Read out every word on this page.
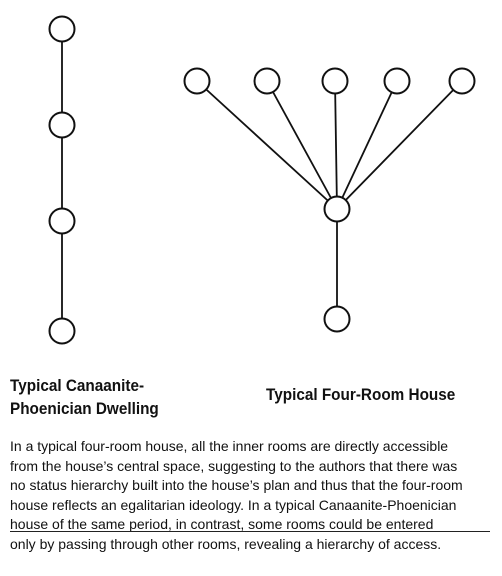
Typical Canaanite-
Phoenician Dwelling
Typical Four-Room House
In a typical four-room house, all the inner rooms are directly accessible
from the house’s central space, suggesting to the authors that there was
no status hierarchy built into the house’s plan and thus that the four-room
house reflects an egalitarian ideology. In a typical Canaanite-Phoenician
house of the same period, in contrast, some rooms could be entered
only by passing through other rooms, revealing a hierarchy of access.
